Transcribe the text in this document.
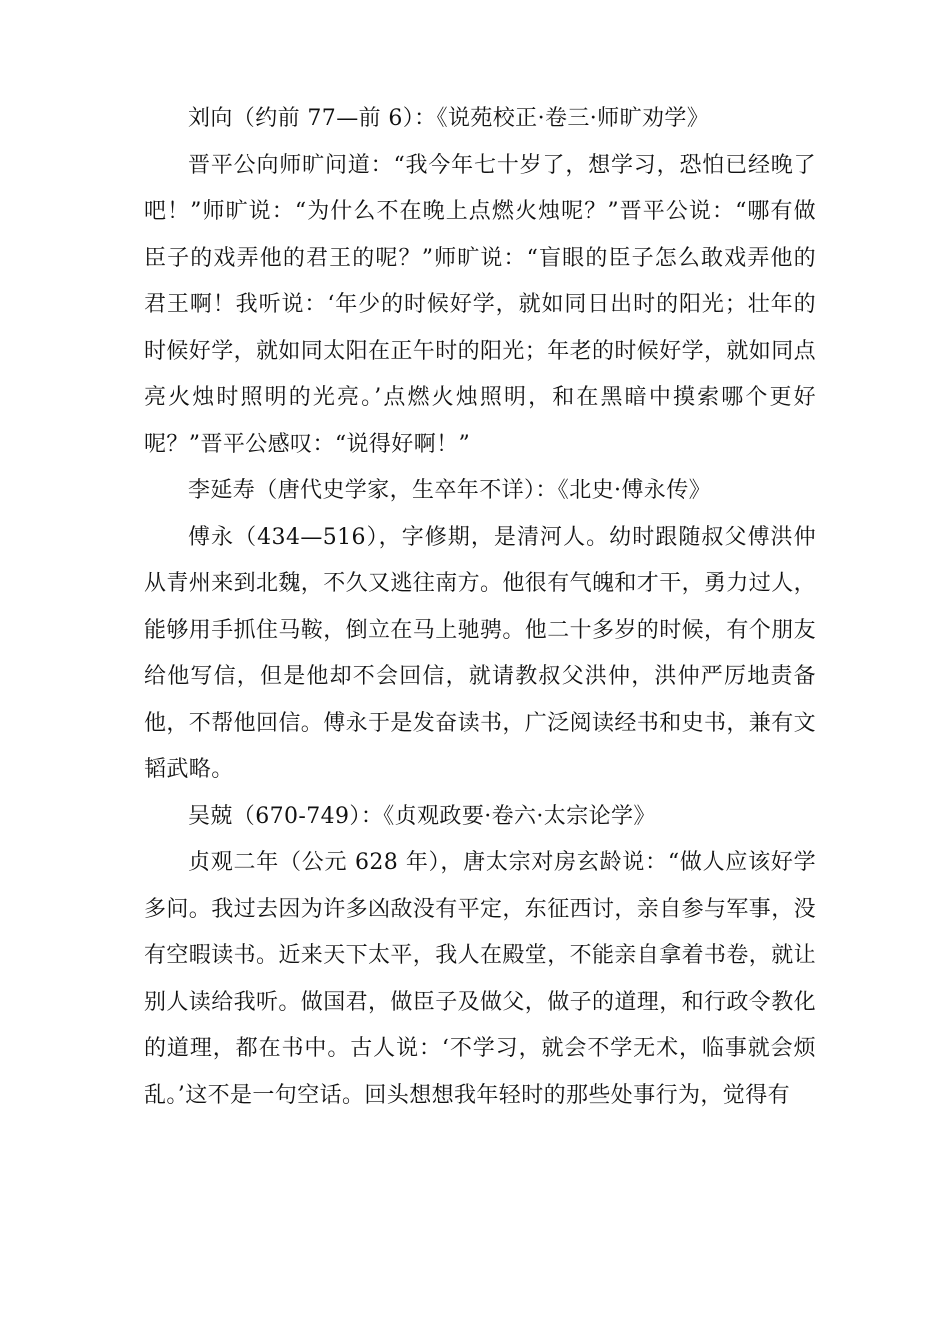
刘向（约前 77—前 6）：《说苑校正·卷三·师旷劝学》

晋平公向师旷问道：“我今年七十岁了，想学习，恐怕已经晚了吧！”师旷说：“为什么不在晚上点燃火烛呢？”晋平公说：“哪有做臣子的戏弄他的君王的呢？”师旷说：“盲眼的臣子怎么敢戏弄他的君王啊！我听说：‘年少的时候好学，就如同日出时的阳光；壮年的时候好学，就如同太阳在正午时的阳光；年老的时候好学，就如同点亮火烛时照明的光亮。’点燃火烛照明，和在黑暗中摸索哪个更好呢？”晋平公感叹：“说得好啊！”

李延寿（唐代史学家，生卒年不详）：《北史·傅永传》

傅永（434—516），字修期，是清河人。幼时跟随叔父傅洪仲从青州来到北魏，不久又逃往南方。他很有气魄和才干，勇力过人，能够用手抓住马鞍，倒立在马上驰骋。他二十多岁的时候，有个朋友给他写信，但是他却不会回信，就请教叔父洪仲，洪仲严厉地责备他，不帮他回信。傅永于是发奋读书，广泛阅读经书和史书，兼有文韬武略。

吴兢（670-749）：《贞观政要·卷六·太宗论学》

贞观二年（公元 628 年），唐太宗对房玄龄说：“做人应该好学多问。我过去因为许多凶敌没有平定，东征西讨，亲自参与军事，没有空暇读书。近来天下太平，我人在殿堂，不能亲自拿着书卷，就让别人读给我听。做国君，做臣子及做父，做子的道理，和行政令教化的道理，都在书中。古人说：‘不学习，就会不学无术，临事就会烦乱。’这不是一句空话。回头想想我年轻时的那些处事行为，觉得有
